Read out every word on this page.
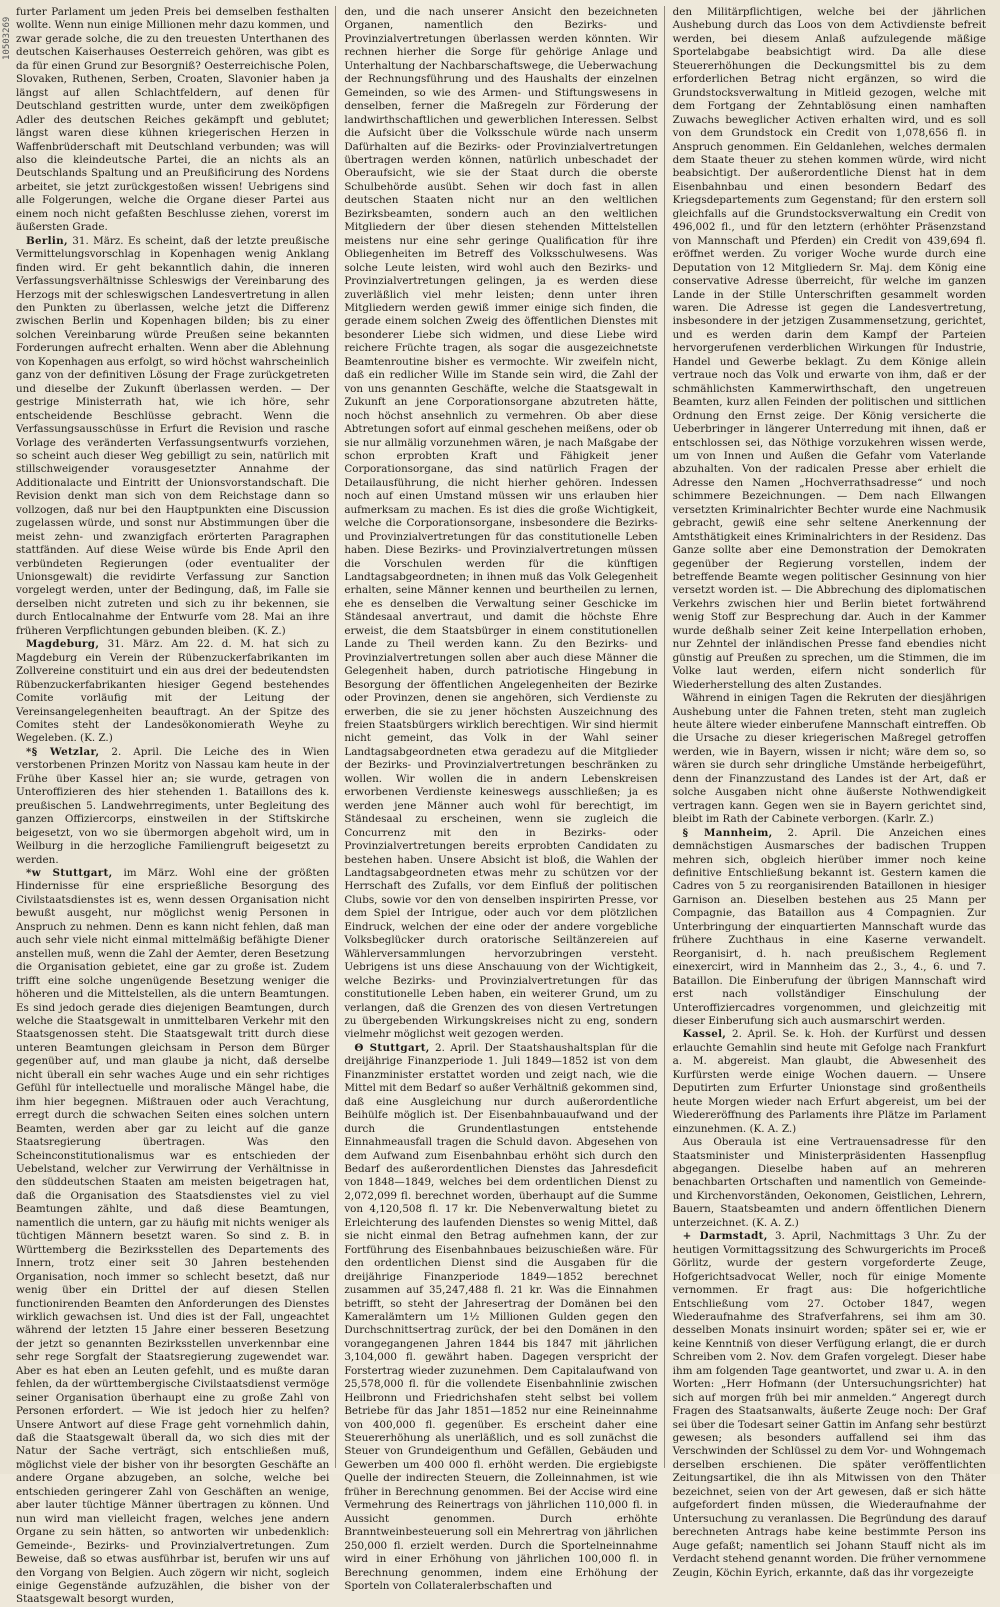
10503269

furter Parlament um jeden Preis bei demselben festhalten wollte. Wenn nun einige Millionen mehr dazu kommen, und zwar gerade solche, die zu den treuesten Unterthanen des deutschen Kaiserhauses Oesterreich gehören, was gibt es da für einen Grund zur Besorgniß? Oesterreichische Polen, Slovaken, Ruthenen, Serben, Croaten, Slavonier haben ja längst auf allen Schlachtfeldern, auf denen für Deutschland gestritten wurde, unter dem zweiköpfigen Adler des deutschen Reiches gekämpft und geblutet; längst waren diese kühnen kriegerischen Herzen in Waffenbrüderschaft mit Deutschland verbunden; was will also die kleindeutsche Partei, die an nichts als an Deutschlands Spaltung und an Preußificirung des Nordens arbeitet, sie jetzt zurückgestoßen wissen! Uebrigens sind alle Folgerungen, welche die Organe dieser Partei aus einem noch nicht gefaßten Beschlusse ziehen, vorerst im äußersten Grade.

Berlin, 31. März. Es scheint, daß der letzte preußische Vermittelungsvorschlag in Kopenhagen wenig Anklang finden wird. Er geht bekanntlich dahin, die inneren Verfassungsverhältnisse Schleswigs der Vereinbarung des Herzogs mit der schleswigschen Landesvertretung in allen den Punkten zu überlassen, welche jetzt die Differenz zwischen Berlin und Kopenhagen bilden; bis zu einer solchen Vereinbarung würde Preußen seine bekannten Forderungen aufrecht erhalten. Wenn aber die Ablehnung von Kopenhagen aus erfolgt, so wird höchst wahrscheinlich ganz von der definitiven Lösung der Frage zurückgetreten und dieselbe der Zukunft überlassen werden. — Der gestrige Ministerrath hat, wie ich höre, sehr entscheidende Beschlüsse gebracht. Wenn die Verfassungsausschüsse in Erfurt die Revision und rasche Vorlage des veränderten Verfassungsentwurfs vorziehen, so scheint auch dieser Weg gebilligt zu sein, natürlich mit stillschweigender vorausgesetzter Annahme der Additionalacte und Eintritt der Unionsvorstandschaft. Die Revision denkt man sich von dem Reichstage dann so vollzogen, daß nur bei den Hauptpunkten eine Discussion zugelassen würde, und sonst nur Abstimmungen über die meist zehn- und zwanzigfach erörterten Paragraphen stattfänden. Auf diese Weise würde bis Ende April den verbündeten Regierungen (oder eventualiter der Unionsgewalt) die revidirte Verfassung zur Sanction vorgelegt werden, unter der Bedingung, daß, im Falle sie derselben nicht zutreten und sich zu ihr bekennen, sie durch Entlocalnahme der Entwurfe vom 28. Mai an ihre früheren Verpflichtungen gebunden bleiben. (K. Z.)

Magdeburg, 31. März. Am 22. d. M. hat sich zu Magdeburg ein Verein der Rübenzuckerfabrikanten im Zollvereine constituirt und ein aus drei der bedeutendsten Rübenzuckerfabrikanten hiesiger Gegend bestehendes Comite vorläufig mit der Leitung der Vereinsangelegenheiten beauftragt. An der Spitze des Comites steht der Landesökonomierath Weyhe zu Wegeleben. (K. Z.)

*§ Wetzlar, 2. April. Die Leiche des in Wien verstorbenen Prinzen Moritz von Nassau kam heute in der Frühe über Kassel hier an; sie wurde, getragen von Unteroffizieren des hier stehenden 1. Bataillons des k. preußischen 5. Landwehrregiments, unter Begleitung des ganzen Offiziercorps, einstweilen in der Stiftskirche beigesetzt, von wo sie übermorgen abgeholt wird, um in Weilburg in die herzogliche Familiengruft beigesetzt zu werden.

*w Stuttgart, im März. Wohl eine der größten Hindernisse für eine ersprießliche Besorgung des Civilstaatsdienstes ist es, wenn dessen Organisation nicht bewußt ausgeht, nur möglichst wenig Personen in Anspruch zu nehmen. Denn es kann nicht fehlen, daß man auch sehr viele nicht einmal mittelmäßig befähigte Diener anstellen muß, wenn die Zahl der Aemter, deren Besetzung die Organisation gebietet, eine gar zu große ist. Zudem trifft eine solche ungenügende Besetzung weniger die höheren und die Mittelstellen, als die untern Beamtungen. Es sind jedoch gerade dies diejenigen Beamtungen, durch welche die Staatsgewalt in unmittelbaren Verkehr mit den Staatsgenossen steht. Die Staatsgewalt tritt durch diese unteren Beamtungen gleichsam in Person dem Bürger gegenüber auf, und man glaube ja nicht, daß derselbe nicht überall ein sehr waches Auge und ein sehr richtiges Gefühl für intellectuelle und moralische Mängel habe, die ihm hier begegnen. Mißtrauen oder auch Verachtung, erregt durch die schwachen Seiten eines solchen untern Beamten, werden aber gar zu leicht auf die ganze Staatsregierung übertragen. Was den Scheinconstitutionalismus war es entschieden der Uebelstand, welcher zur Verwirrung der Verhältnisse in den süddeutschen Staaten am meisten beigetragen hat, daß die Organisation des Staatsdienstes viel zu viel Beamtungen zählte, und daß diese Beamtungen, namentlich die untern, gar zu häufig mit nichts weniger als tüchtigen Männern besetzt waren. So sind z. B. in Württemberg die Bezirksstellen des Departements des Innern, trotz einer seit 30 Jahren bestehenden Organisation, noch immer so schlecht besetzt, daß nur wenig über ein Drittel der auf diesen Stellen functionirenden Beamten den Anforderungen des Dienstes wirklich gewachsen ist. Und dies ist der Fall, ungeachtet während der letzten 15 Jahre einer besseren Besetzung der jetzt so genannten Bezirksstellen unverkennbar eine sehr rege Sorgfalt der Staatsregierung zugewendet war. Aber es hat eben an Leuten gefehlt, und es mußte daran fehlen, da der württembergische Civilstaatsdienst vermöge seiner Organisation überhaupt eine zu große Zahl von Personen erfordert. — Wie ist jedoch hier zu helfen? Unsere Antwort auf diese Frage geht vornehmlich dahin, daß die Staatsgewalt überall da, wo sich dies mit der Natur der Sache verträgt, sich entschließen muß, möglichst viele der bisher von ihr besorgten Geschäfte an andere Organe abzugeben, an solche, welche bei entschieden geringerer Zahl von Geschäften an wenige, aber lauter tüchtige Männer übertragen zu können. Und nun wird man vielleicht fragen, welches jene andern Organe zu sein hätten, so antworten wir unbedenklich: Gemeinde-, Bezirks- und Provinzialvertretungen. Zum Beweise, daß so etwas ausführbar ist, berufen wir uns auf den Vorgang von Belgien. Auch zögern wir nicht, sogleich einige Gegenstände aufzuzählen, die bisher von der Staatsgewalt besorgt wurden,

den, und die nach unserer Ansicht den bezeichneten Organen, namentlich den Bezirks- und Provinzialvertretungen überlassen werden könnten. Wir rechnen hierher die Sorge für gehörige Anlage und Unterhaltung der Nachbarschaftswege, die Ueberwachung der Rechnungsführung und des Haushalts der einzelnen Gemeinden, so wie des Armen- und Stiftungswesens in denselben, ferner die Maßregeln zur Förderung der landwirthschaftlichen und gewerblichen Interessen. Selbst die Aufsicht über die Volksschule würde nach unserm Dafürhalten auf die Bezirks- oder Provinzialvertretungen übertragen werden können, natürlich unbeschadet der Oberaufsicht, wie sie der Staat durch die oberste Schulbehörde ausübt. Sehen wir doch fast in allen deutschen Staaten nicht nur an den weltlichen Bezirksbeamten, sondern auch an den weltlichen Mitgliedern der über diesen stehenden Mittelstellen meistens nur eine sehr geringe Qualification für ihre Obliegenheiten im Betreff des Volksschulwesens. Was solche Leute leisten, wird wohl auch den Bezirks- und Provinzialvertretungen gelingen, ja es werden diese zuverläßlich viel mehr leisten; denn unter ihren Mitgliedern werden gewiß immer einige sich finden, die gerade einem solchen Zweig des öffentlichen Dienstes mit besonderer Liebe sich widmen, und diese Liebe wird reichere Früchte tragen, als sogar die ausgezeichnetste Beamtenroutine bisher es vermochte. Wir zweifeln nicht, daß ein redlicher Wille im Stande sein wird, die Zahl der von uns genannten Geschäfte, welche die Staatsgewalt in Zukunft an jene Corporationsorgane abzutreten hätte, noch höchst ansehnlich zu vermehren. Ob aber diese Abtretungen sofort auf einmal geschehen meißens, oder ob sie nur allmälig vorzunehmen wären, je nach Maßgabe der schon erprobten Kraft und Fähigkeit jener Corporationsorgane, das sind natürlich Fragen der Detailausführung, die nicht hierher gehören. Indessen noch auf einen Umstand müssen wir uns erlauben hier aufmerksam zu machen. Es ist dies die große Wichtigkeit, welche die Corporationsorgane, insbesondere die Bezirks- und Provinzialvertretungen für das constitutionelle Leben haben. Diese Bezirks- und Provinzialvertretungen müssen die Vorschulen werden für die künftigen Landtagsabgeordneten; in ihnen muß das Volk Gelegenheit erhalten, seine Männer kennen und beurtheilen zu lernen, ehe es denselben die Verwaltung seiner Geschicke im Ständesaal anvertraut, und damit die höchste Ehre erweist, die dem Staatsbürger in einem constitutionellen Lande zu Theil werden kann. Zu den Bezirks- und Provinzialvertretungen sollen aber auch diese Männer die Gelegenheit haben, durch patriotische Hingebung in Besorgung der öffentlichen Angelegenheiten der Bezirke oder Provinzen, denen sie angehören, sich Verdienste zu erwerben, die sie zu jener höchsten Auszeichnung des freien Staatsbürgers wirklich berechtigen. Wir sind hiermit nicht gemeint, das Volk in der Wahl seiner Landtagsabgeordneten etwa geradezu auf die Mitglieder der Bezirks- und Provinzialvertretungen beschränken zu wollen. Wir wollen die in andern Lebenskreisen erworbenen Verdienste keineswegs ausschließen; ja es werden jene Männer auch wohl für berechtigt, im Ständesaal zu erscheinen, wenn sie zugleich die Concurrenz mit den in Bezirks- oder Provinzialvertretungen bereits erprobten Candidaten zu bestehen haben. Unsere Absicht ist bloß, die Wahlen der Landtagsabgeordneten etwas mehr zu schützen vor der Herrschaft des Zufalls, vor dem Einfluß der politischen Clubs, sowie vor den von denselben inspirirten Presse, vor dem Spiel der Intrigue, oder auch vor dem plötzlichen Eindruck, welchen der eine oder der andere vorgebliche Volksbeglücker durch oratorische Seiltänzereien auf Wählerversammlungen hervorzubringen versteht. Uebrigens ist uns diese Anschauung von der Wichtigkeit, welche Bezirks- und Provinzialvertretungen für das constitutionelle Leben haben, ein weiterer Grund, um zu verlangen, daß die Grenzen des von diesen Vertretungen zu übergebenden Wirkungskreises nicht zu eng, sondern vielmehr möglichst weit gezogen werden.

Θ Stuttgart, 2. April. Der Staatshaushaltsplan für die dreijährige Finanzperiode 1. Juli 1849—1852 ist von dem Finanzminister erstattet worden und zeigt nach, wie die Mittel mit dem Bedarf so außer Verhältniß gekommen sind, daß eine Ausgleichung nur durch außerordentliche Beihülfe möglich ist. Der Eisenbahnbauaufwand und der durch die Grundentlastungen entstehende Einnahmeausfall tragen die Schuld davon. Abgesehen von dem Aufwand zum Eisenbahnbau erhöht sich durch den Bedarf des außerordentlichen Dienstes das Jahresdeficit von 1848—1849, welches bei dem ordentlichen Dienst zu 2,072,099 fl. berechnet worden, überhaupt auf die Summe von 4,120,508 fl. 17 kr. Die Nebenverwaltung bietet zu Erleichterung des laufenden Dienstes so wenig Mittel, daß sie nicht einmal den Betrag aufnehmen kann, der zur Fortführung des Eisenbahnbaues beizuschießen wäre. Für den ordentlichen Dienst sind die Ausgaben für die dreijährige Finanzperiode 1849—1852 berechnet zusammen auf 35,247,488 fl. 21 kr. Was die Einnahmen betrifft, so steht der Jahresertrag der Domänen bei den Kameralämtern um 1½ Millionen Gulden gegen den Durchschnittsertrag zurück, der bei den Domänen in den vorangegangenen Jahren 1844 bis 1847 mit jährlichen 3,104,000 fl. gewährt haben. Dagegen verspricht der Forstertrag wieder zuzunehmen. Dem Capitalaufwand von 25,578,000 fl. für die vollendete Eisenbahnlinie zwischen Heilbronn und Friedrichshafen steht selbst bei vollem Betriebe für das Jahr 1851—1852 nur eine Reineinnahme von 400,000 fl. gegenüber. Es erscheint daher eine Steuererhöhung als unerläßlich, und es soll zunächst die Steuer von Grundeigenthum und Gefällen, Gebäuden und Gewerben um 400 000 fl. erhöht werden. Die ergiebigste Quelle der indirecten Steuern, die Zolleinnahmen, ist wie früher in Berechnung genommen. Bei der Accise wird eine Vermehrung des Reinertrags von jährlichen 110,000 fl. in Aussicht genommen. Durch erhöhte Branntweinbesteuerung soll ein Mehrertrag von jährlichen 250,000 fl. erzielt werden. Durch die Sportelneinnahme wird in einer Erhöhung von jährlichen 100,000 fl. in Berechnung genommen, indem eine Erhöhung der Sporteln von Collateralerbschaften und

den Militärpflichtigen, welche bei der jährlichen Aushebung durch das Loos von dem Activdienste befreit werden, bei diesem Anlaß aufzulegende mäßige Sportelabgabe beabsichtigt wird. Da alle diese Steuererhöhungen die Deckungsmittel bis zu dem erforderlichen Betrag nicht ergänzen, so wird die Grundstocksverwaltung in Mitleid gezogen, welche mit dem Fortgang der Zehntablösung einen namhaften Zuwachs beweglicher Activen erhalten wird, und es soll von dem Grundstock ein Credit von 1,078,656 fl. in Anspruch genommen. Ein Geldanlehen, welches dermalen dem Staate theuer zu stehen kommen würde, wird nicht beabsichtigt. Der außerordentliche Dienst hat in dem Eisenbahnbau und einen besondern Bedarf des Kriegsdepartements zum Gegenstand; für den erstern soll gleichfalls auf die Grundstocksverwaltung ein Credit von 496,002 fl., und für den letztern (erhöhter Präsenzstand von Mannschaft und Pferden) ein Credit von 439,694 fl. eröffnet werden. Zu voriger Woche wurde durch eine Deputation von 12 Mitgliedern Sr. Maj. dem König eine conservative Adresse überreicht, für welche im ganzen Lande in der Stille Unterschriften gesammelt worden waren. Die Adresse ist gegen die Landesvertretung, insbesondere in der jetzigen Zusammensetzung, gerichtet, und es werden darin dem Kampf der Parteien hervorgerufenen verderblichen Wirkungen für Industrie, Handel und Gewerbe beklagt. Zu dem Könige allein vertraue noch das Volk und erwarte von ihm, daß er der schmählichsten Kammerwirthschaft, den ungetreuen Beamten, kurz allen Feinden der politischen und sittlichen Ordnung den Ernst zeige. Der König versicherte die Ueberbringer in längerer Unterredung mit ihnen, daß er entschlossen sei, das Nöthige vorzukehren wissen werde, um von Innen und Außen die Gefahr vom Vaterlande abzuhalten. Von der radicalen Presse aber erhielt die Adresse den Namen „Hochverrathsadresse“ und noch schimmere Bezeichnungen. — Dem nach Ellwangen versetzten Kriminalrichter Bechter wurde eine Nachmusik gebracht, gewiß eine sehr seltene Anerkennung der Amtsthätigkeit eines Kriminalrichters in der Residenz. Das Ganze sollte aber eine Demonstration der Demokraten gegenüber der Regierung vorstellen, indem der betreffende Beamte wegen politischer Gesinnung von hier versetzt worden ist. — Die Abbrechung des diplomatischen Verkehrs zwischen hier und Berlin bietet fortwährend wenig Stoff zur Besprechung dar. Auch in der Kammer wurde deßhalb seiner Zeit keine Interpellation erhoben, nur Zehntel der inländischen Presse fand ebendies nicht günstig auf Preußen zu sprechen, um die Stimmen, die im Volke laut werden, eifern nicht sonderlich für Wiederherstellung des alten Zustandes.

Während in einigen Tagen die Rekruten der diesjährigen Aushebung unter die Fahnen treten, steht man zugleich heute ältere wieder einberufene Mannschaft eintreffen. Ob die Ursache zu dieser kriegerischen Maßregel getroffen werden, wie in Bayern, wissen ir nicht; wäre dem so, so wären sie durch sehr dringliche Umstände herbeigeführt, denn der Finanzzustand des Landes ist der Art, daß er solche Ausgaben nicht ohne äußerste Nothwendigkeit vertragen kann. Gegen wen sie in Bayern gerichtet sind, bleibt im Rath der Cabinete verborgen. (Karlr. Z.)

§ Mannheim, 2. April. Die Anzeichen eines demnächstigen Ausmarsches der badischen Truppen mehren sich, obgleich hierüber immer noch keine definitive Entschließung bekannt ist. Gestern kamen die Cadres von 5 zu reorganisirenden Bataillonen in hiesiger Garnison an. Dieselben bestehen aus 25 Mann per Compagnie, das Bataillon aus 4 Compagnien. Zur Unterbringung der einquartierten Mannschaft wurde das frühere Zuchthaus in eine Kaserne verwandelt. Reorganisirt, d. h. nach preußischem Reglement einexercirt, wird in Mannheim das 2., 3., 4., 6. und 7. Bataillon. Die Einberufung der übrigen Mannschaft wird erst nach vollständiger Einschulung der Unteroffiziercadres vorgenommen, und gleichzeitig mit dieser Einberufung sich auch ausmarschirt werden.

Kassel, 2. April. Se. k. Hoh. der Kurfürst und dessen erlauchte Gemahlin sind heute mit Gefolge nach Frankfurt a. M. abgereist. Man glaubt, die Abwesenheit des Kurfürsten werde einige Wochen dauern. — Unsere Deputirten zum Erfurter Unionstage sind großentheils heute Morgen wieder nach Erfurt abgereist, um bei der Wiedereröffnung des Parlaments ihre Plätze im Parlament einzunehmen. (K. A. Z.)

Aus Oberaula ist eine Vertrauensadresse für den Staatsminister und Ministerpräsidenten Hassenpflug abgegangen. Dieselbe haben auf an mehreren benachbarten Ortschaften und namentlich von Gemeinde- und Kirchenvorständen, Oekonomen, Geistlichen, Lehrern, Bauern, Staatsbeamten und andern öffentlichen Dienern unterzeichnet. (K. A. Z.)

+ Darmstadt, 3. April, Nachmittags 3 Uhr. Zu der heutigen Vormittagssitzung des Schwurgerichts im Proceß Görlitz, wurde der gestern vorgeforderte Zeuge, Hofgerichtsadvocat Weller, noch für einige Momente vernommen. Er fragt aus: Die hofgerichtliche Entschließung vom 27. October 1847, wegen Wiederaufnahme des Strafverfahrens, sei ihm am 30. desselben Monats insinuirt worden; später sei er, wie er keine Kenntniß von dieser Verfügung erlangt, die er durch Schreiben vom 2. Nov. dem Grafen vorgelegt. Dieser habe ihm am folgenden Tage geantwortet, und zwar u. A. in den Worten: „Herr Hofmann (der Untersuchungsrichter) hat sich auf morgen früh bei mir anmelden.“ Angeregt durch Fragen des Staatsanwalts, äußerte Zeuge noch: Der Graf sei über die Todesart seiner Gattin im Anfang sehr bestürzt gewesen; als besonders auffallend sei ihm das Verschwinden der Schlüssel zu dem Vor- und Wohngemach derselben erschienen. Die später veröffentlichten Zeitungsartikel, die ihn als Mitwissen von den Thäter bezeichnet, seien von der Art gewesen, daß er sich hätte aufgefordert finden müssen, die Wiederaufnahme der Untersuchung zu veranlassen. Die Begründung des darauf berechneten Antrags habe keine bestimmte Person ins Auge gefaßt; namentlich sei Johann Stauff nicht als im Verdacht stehend genannt worden. Die früher vernommene Zeugin, Köchin Eyrich, erkannte, daß das ihr vorgezeigte
